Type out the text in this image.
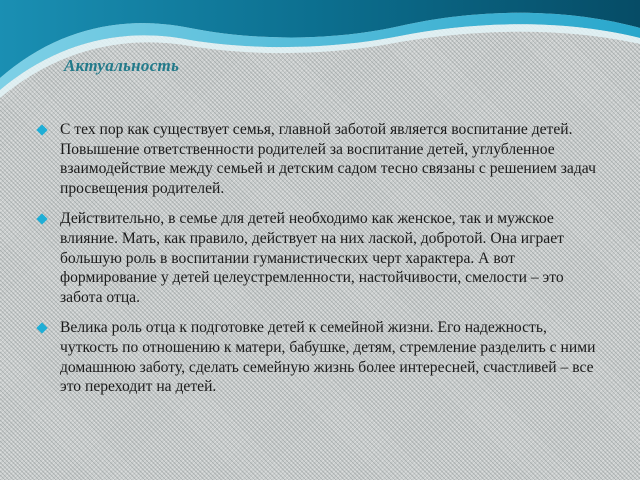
Актуальность
С тех пор как существует семья, главной заботой является воспитание детей. Повышение ответственности родителей за воспитание детей, углубленное взаимодействие между семьей и детским садом тесно связаны с решением задач просвещения родителей.
Действительно, в семье для детей необходимо как женское, так и мужское влияние. Мать, как правило, действует на них лаской, добротой. Она играет большую роль в воспитании гуманистических черт характера. А вот формирование у детей целеустремленности, настойчивости, смелости – это забота отца.
Велика роль отца к подготовке детей к семейной жизни. Его надежность, чуткость по отношению к матери, бабушке, детям, стремление разделить с ними домашнюю заботу, сделать семейную жизнь более интересней, счастливей – все это переходит на детей.
